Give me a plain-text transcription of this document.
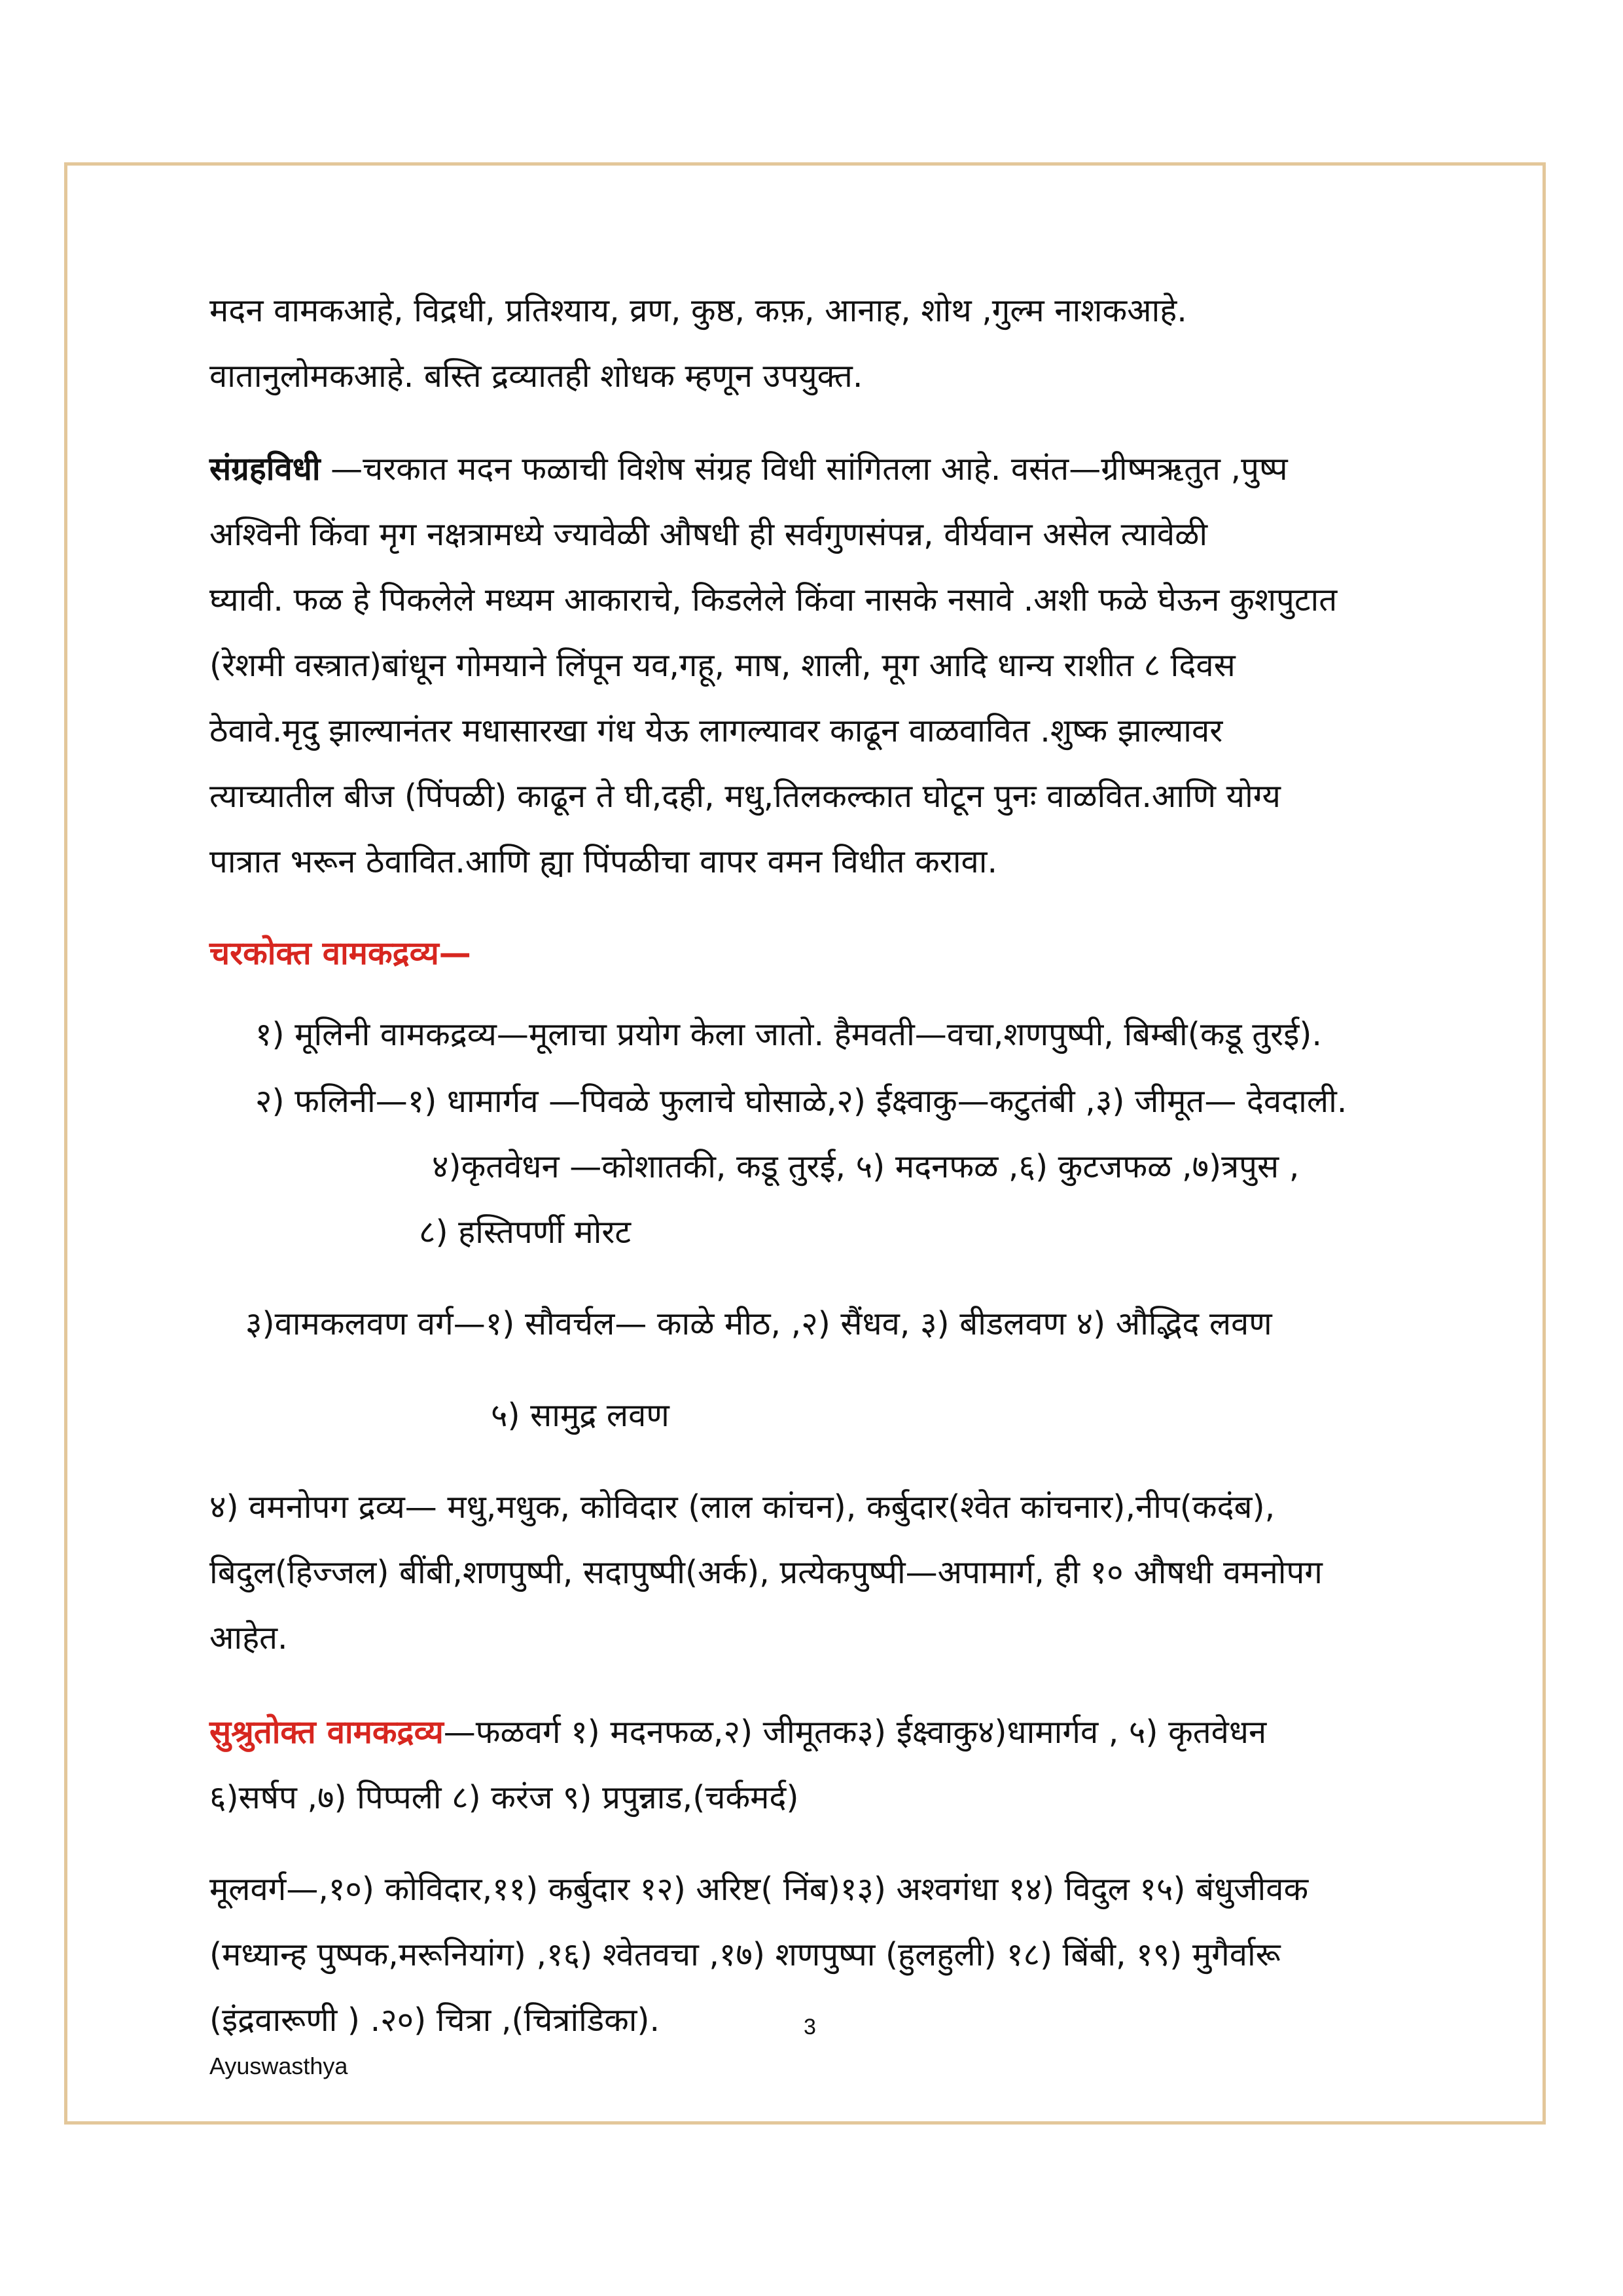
मदन वामकआहे, विद्रधी, प्रतिश्याय, व्रण, कुष्ठ, कफ़, आनाह, शोथ ,गुल्म नाशकआहे.
वातानुलोमकआहे. बस्ति द्रव्यातही शोधक म्हणून उपयुक्त.
संग्रहविधी —चरकात मदन फळाची विशेष संग्रह विधी सांगितला आहे. वसंत—ग्रीष्मऋतुत ,पुष्प
अश्विनी किंवा मृग नक्षत्रामध्ये ज्यावेळी औषधी ही सर्वगुणसंपन्न, वीर्यवान असेल त्यावेळी
घ्यावी. फळ हे पिकलेले मध्यम आकाराचे, किडलेले किंवा नासके नसावे .अशी फळे घेऊन कुशपुटात
(रेशमी वस्त्रात)बांधून गोमयाने लिंपून यव,गहू, माष, शाली, मूग आदि धान्य राशीत ८ दिवस
ठेवावे.मृदु झाल्यानंतर मधासारखा गंध येऊ लागल्यावर काढून वाळवावित .शुष्क झाल्यावर
त्याच्यातील बीज (पिंपळी) काढून ते घी,दही, मधु,तिलकल्कात घोटून पुनः वाळवित.आणि योग्य
पात्रात भरून ठेवावित.आणि ह्या पिंपळीचा वापर वमन विधीत करावा.
चरकोक्त वामकद्रव्य—
१) मूलिनी वामकद्रव्य—मूलाचा प्रयोग केला जातो. हैमवती—वचा,शणपुष्पी, बिम्बी(कडू तुरई).
२) फलिनी—१) धामार्गव —पिवळे फुलाचे घोसाळे,२) ईक्ष्वाकु—कटुतंबी ,३) जीमूत— देवदाली.
४)कृतवेधन —कोशातकी, कडू तुरई, ५) मदनफळ ,६) कुटजफळ ,७)त्रपुस ,
८) हस्तिपर्णी मोरट
३)वामकलवण वर्ग—१) सौवर्चल— काळे मीठ, ,२) सैंधव, ३) बीडलवण ४) औद्भिद लवण
५) सामुद्र लवण
४) वमनोपग द्रव्य— मधु,मधुक, कोविदार (लाल कांचन), कर्बुदार(श्वेत कांचनार),नीप(कदंब),
बिदुल(हिज्जल) बींबी,शणपुष्पी, सदापुष्पी(अर्क), प्रत्येकपुष्पी—अपामार्ग, ही १० औषधी वमनोपग
आहेत.
सुश्रुतोक्त वामकद्रव्य—फळवर्ग १) मदनफळ,२) जीमूतक३) ईक्ष्वाकु४)धामार्गव , ५) कृतवेधन
६)सर्षप ,७) पिप्पली ८) करंज ९) प्रपुन्नाड,(चर्कमर्द)
मूलवर्ग—,१०) कोविदार,११) कर्बुदार १२) अरिष्ट( निंब)१३) अश्वगंधा १४) विदुल १५) बंधुजीवक
(मध्यान्ह पुष्पक,मरूनियांग) ,१६) श्वेतवचा ,१७) शणपुष्पा (हुलहुली) १८) बिंबी, १९) मुगैर्वारू
(इंद्रवारूणी ) .२०) चित्रा ,(चित्रांडिका).	3
Ayuswasthya
